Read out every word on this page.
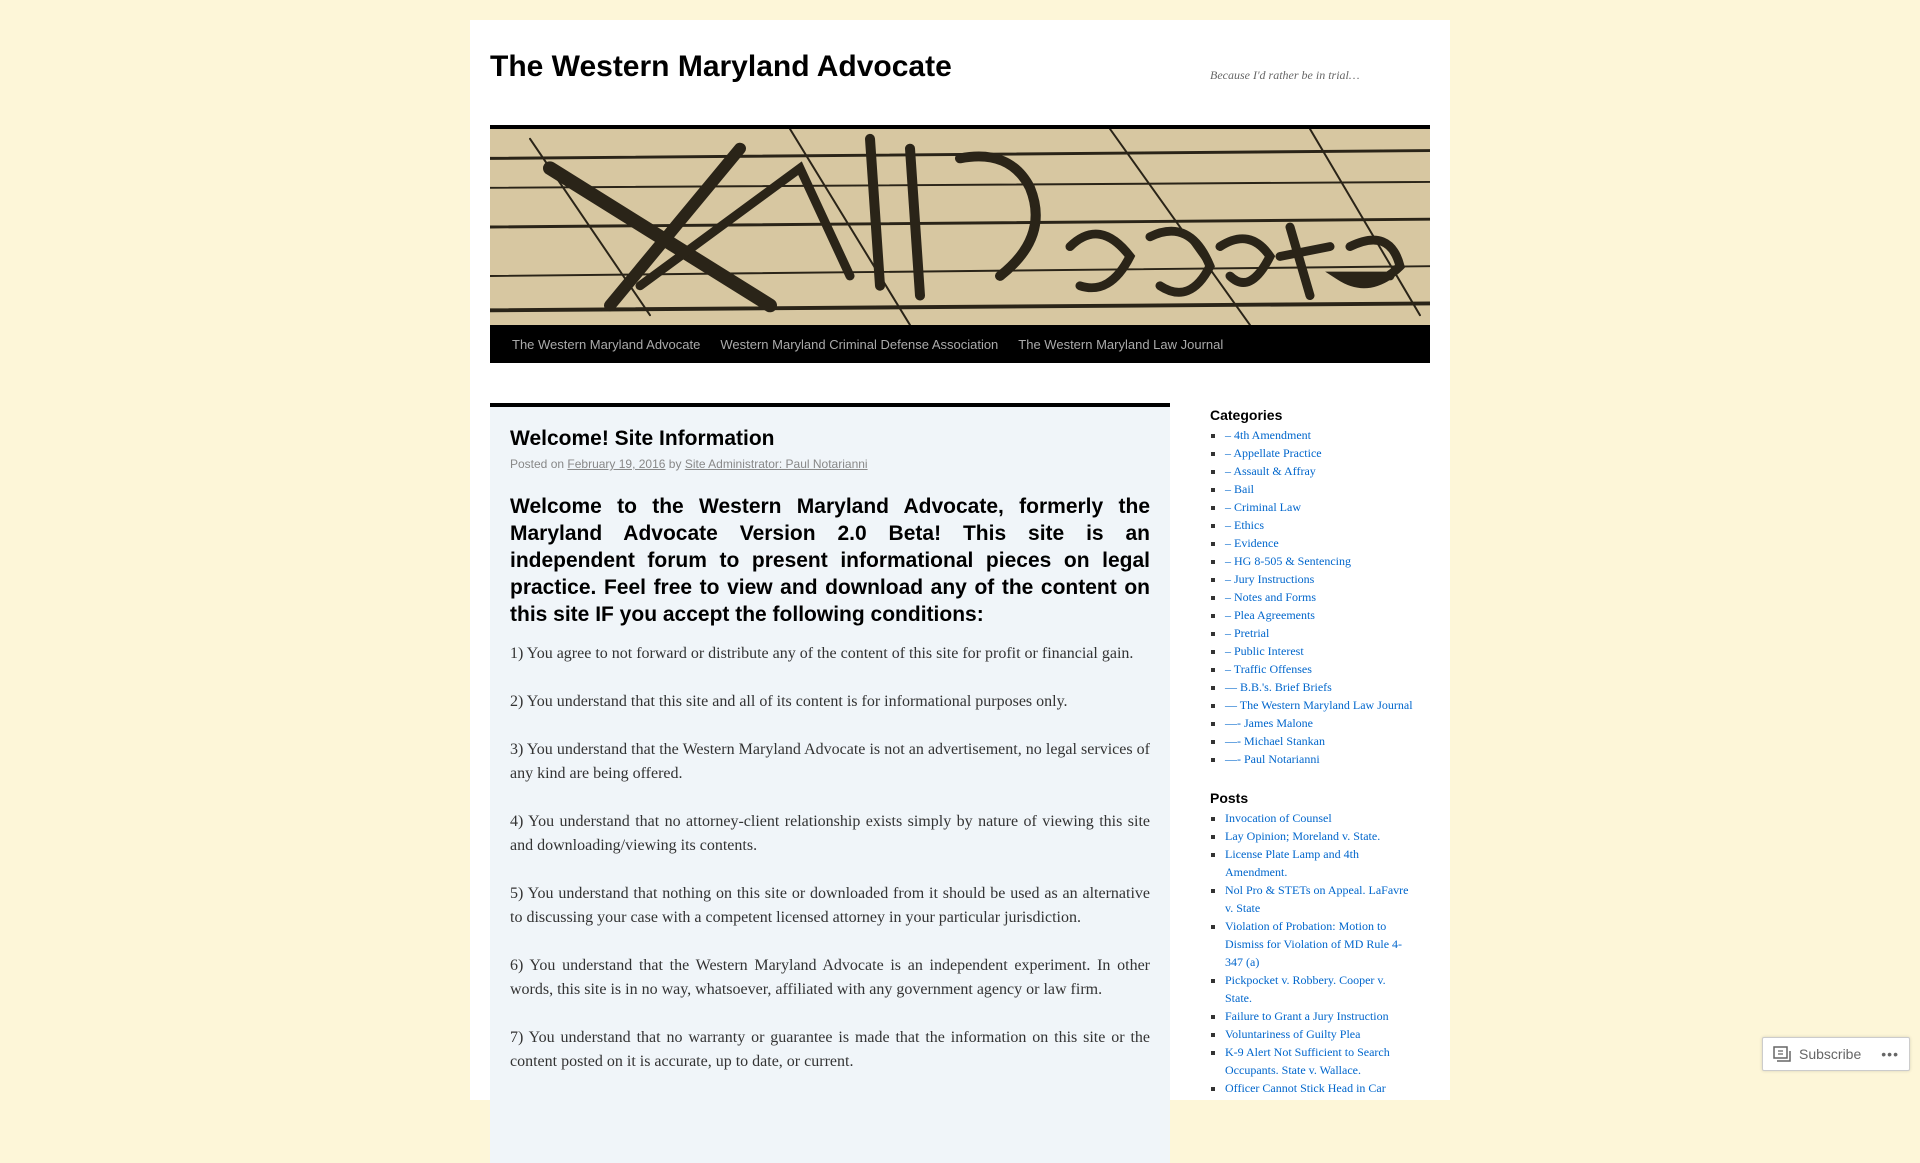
The Western Maryland Advocate	Because I'd rather be in trial…
The Western Maryland Advocate	Western Maryland Criminal Defense Association	The Western Maryland Law Journal
Welcome! Site Information
Posted on February 19, 2016 by Site Administrator: Paul Notarianni

Welcome to the Western Maryland Advocate, formerly the Maryland Advocate Version 2.0 Beta! This site is an independent forum to present informational pieces on legal practice. Feel free to view and download any of the content on this site IF you accept the following conditions:

1) You agree to not forward or distribute any of the content of this site for profit or financial gain.

2) You understand that this site and all of its content is for informational purposes only.

3) You understand that the Western Maryland Advocate is not an advertisement, no legal services of any kind are being offered.

4) You understand that no attorney-client relationship exists simply by nature of viewing this site and downloading/viewing its contents.

5) You understand that nothing on this site or downloaded from it should be used as an alternative to discussing your case with a competent licensed attorney in your particular jurisdiction.

6) You understand that the Western Maryland Advocate is an independent experiment. In other words, this site is in no way, whatsoever, affiliated with any government agency or law firm.

7) You understand that no warranty or guarantee is made that the information on this site or the content posted on it is accurate, up to date, or current.

Categories
▪ – 4th Amendment
▪ – Appellate Practice
▪ – Assault & Affray
▪ – Bail
▪ – Criminal Law
▪ – Ethics
▪ – Evidence
▪ – HG 8-505 & Sentencing
▪ – Jury Instructions
▪ – Notes and Forms
▪ – Plea Agreements
▪ – Pretrial
▪ – Public Interest
▪ – Traffic Offenses
▪ — B.B.'s. Brief Briefs
▪ — The Western Maryland Law Journal
▪ —- James Malone
▪ —- Michael Stankan
▪ —- Paul Notarianni
Posts
▪ Invocation of Counsel
▪ Lay Opinion; Moreland v. State.
▪ License Plate Lamp and 4th Amendment.
▪ Nol Pro & STETs on Appeal. LaFavre v. State
▪ Violation of Probation: Motion to Dismiss for Violation of MD Rule 4-347 (a)
▪ Pickpocket v. Robbery. Cooper v. State.
▪ Failure to Grant a Jury Instruction
▪ Voluntariness of Guilty Plea
▪ K-9 Alert Not Sufficient to Search Occupants. State v. Wallace.
▪ Officer Cannot Stick Head in Car
Subscribe •••
